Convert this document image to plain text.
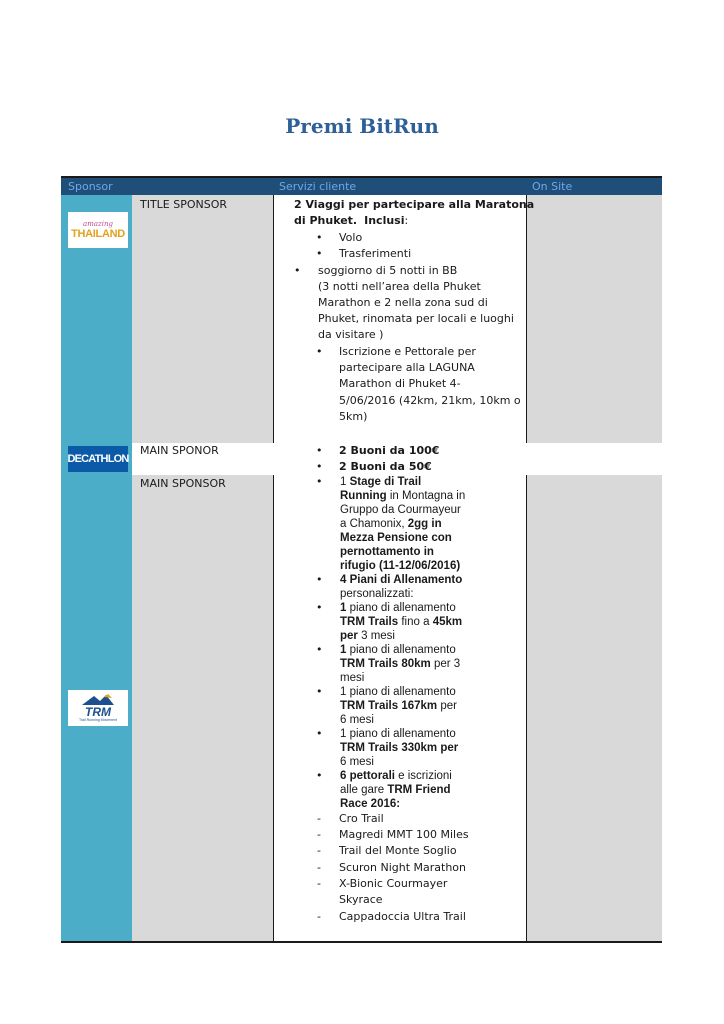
Premi BitRun
Sponsor	Servizi cliente	On Site
amazing
THAILAND
DECATHLON
TRM
Trail Running Movement
TITLE SPONSOR	2 Viaggi per partecipare alla Maratona
di Phuket. Inclusi:
• Volo
• Trasferimenti
• soggiorno di 5 notti in BB
(3 notti nell’area della Phuket
Marathon e 2 nella zona sud di
Phuket, rinomata per locali e luoghi
da visitare )
• Iscrizione e Pettorale per
partecipare alla LAGUNA
Marathon di Phuket 4-
5/06/2016 (42km, 21km, 10km o
5km)
MAIN SPONOR	• 2 Buoni da 100€
• 2 Buoni da 50€
MAIN SPONSOR	• 1 Stage di Trail
Running in Montagna in
Gruppo da Courmayeur
a Chamonix, 2gg in
Mezza Pensione con
pernottamento in
rifugio (11-12/06/2016)
• 4 Piani di Allenamento
personalizzati:
• 1 piano di allenamento
TRM Trails fino a 45km
per 3 mesi
• 1 piano di allenamento
TRM Trails 80km per 3
mesi
• 1 piano di allenamento
TRM Trails 167km per
6 mesi
• 1 piano di allenamento
TRM Trails 330km per
6 mesi
• 6 pettorali e iscrizioni
alle gare TRM Friend
Race 2016:
- Cro Trail
- Magredi MMT 100 Miles
- Trail del Monte Soglio
- Scuron Night Marathon
- X-Bionic Courmayer
Skyrace
- Cappadoccia Ultra Trail
